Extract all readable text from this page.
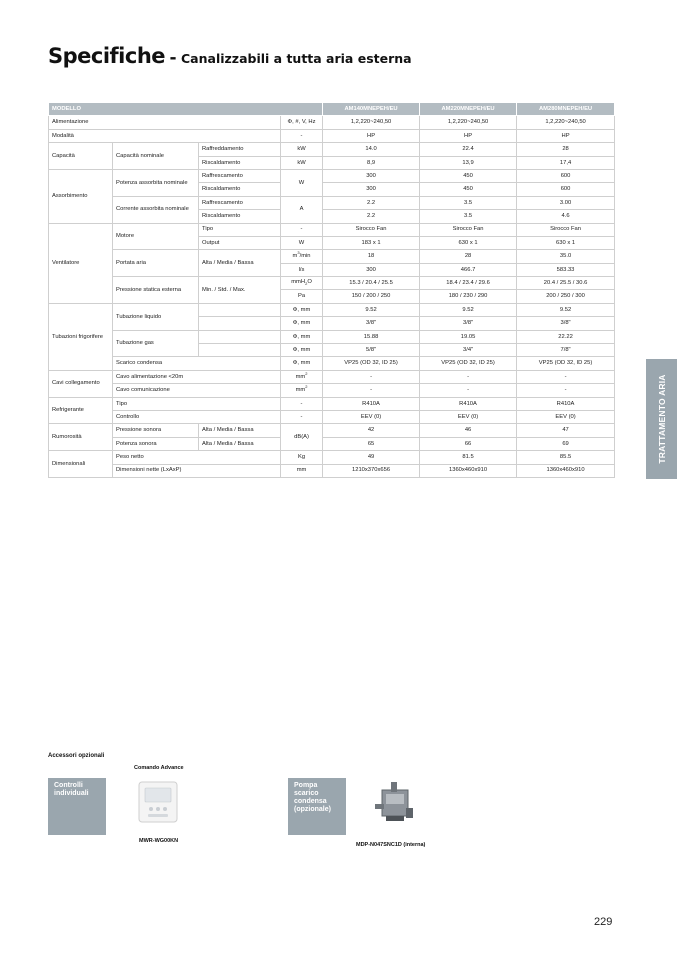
Specifiche - Canalizzabili a tutta aria esterna
MODELLO				AM140MNEPEH/EU	AM220MNEPEH/EU	AM280MNEPEH/EU
Alimentazione			Φ, #, V, Hz	1,2,220~240,50	1,2,220~240,50	1,2,220~240,50
Modalità			-	HP	HP	HP
Capacità	Capacità nominale	Raffreddamento	kW	14.0	22.4	28
		Riscaldamento	kW	8,9	13,9	17,4
Assorbimento	Potenza assorbita nominale	Raffrescamento	W	300	450	600
		Riscaldamento		300	450	600
	Corrente assorbita nominale	Raffrescamento	A	2.2	3.5	3.00
		Riscaldamento		2.2	3.5	4.6
Ventilatore	Motore	Tipo	-	Sirocco Fan	Sirocco Fan	Sirocco Fan
		Output	W	183 x 1	630 x 1	630 x 1
	Portata aria	Alta / Media / Bassa	$m^3/\min$	18	28	35.0
			l/s	300	466.7	583.33
	Pressione statica esterna	Min. / Std. / Max.	mmH$_2$O	15.3 / 20.4 / 25.5	18.4 / 23.4 / 29.6	20.4 / 25.5 / 30.6
			Pa	150 / 200 / 250	180 / 230 / 290	200 / 250 / 300
Tubazioni frigorifere	Tubazione liquido		Φ, mm	9.52	9.52	9.52
			Φ, mm	3/8"	3/8"	3/8"
	Tubazione gas		Φ, mm	15.88	19.05	22.22
			Φ, mm	5/8"	3/4"	7/8"
	Scarico condensa		Φ, mm	VP25 (OD 32, ID 25)	VP25 (OD 32, ID 25)	VP25 (OD 32, ID 25)
Cavi collegamento	Cavo alimentazione <20m		$mm^2$	-	-	-
	Cavo comunicazione		$mm^2$	-	-	-
Refrigerante	Tipo		-	R410A	R410A	R410A
	Controllo		-	EEV (0)	EEV (0)	EEV (0)
Rumorosità	Pressione sonora	Alta / Media / Bassa	dB(A)	42	46	47
	Potenza sonora	Alta / Media / Bassa		65	66	69
Dimensionali	Peso netto		Kg	49	81.5	85.5
	Dimensioni nette (LxAxP)		mm	1210x370x656	1360x460x910	1360x460x910
TRATTAMENTO ARIA
Accessori opzionali
Comando Advance
Controlli individuali
MWR-WG00KN
Pompa scarico condensa (opzionale)
MDP-N047SNC1D (interna)
229
